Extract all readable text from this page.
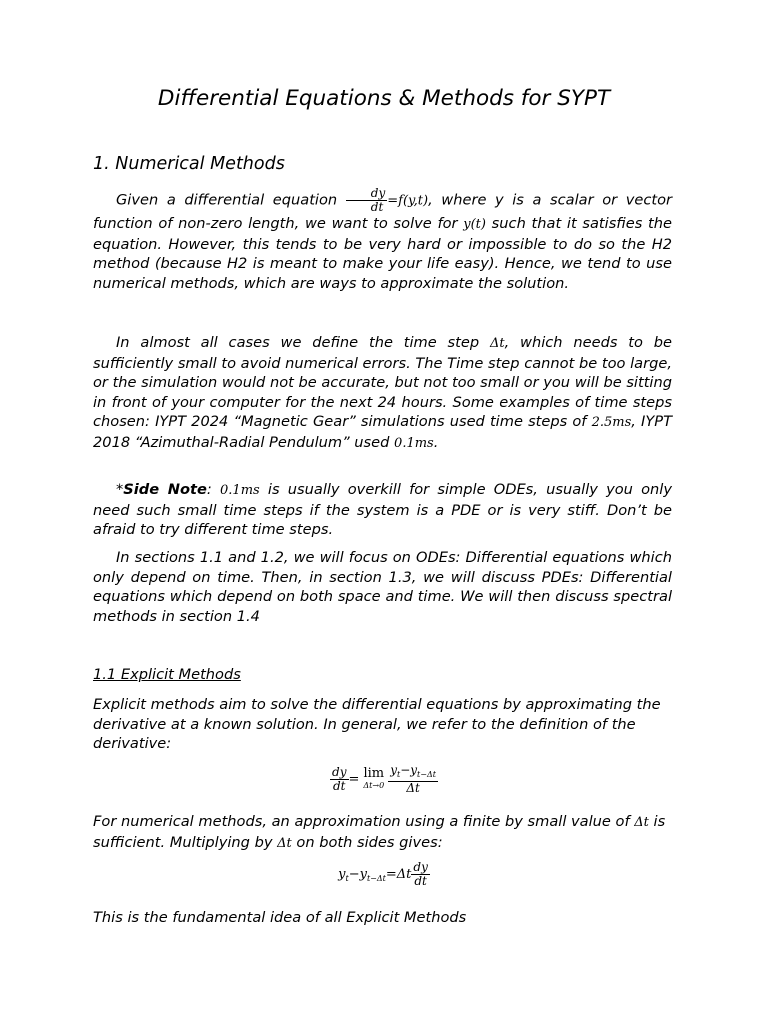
Differential Equations & Methods for SYPT
1. Numerical Methods

Given a differential equation $\frac{dy}{dt} =f(y,t)$, where y is a scalar or vector function of non-zero length, we want to solve for y(t) such that it satisfies the equation. However, this tends to be very hard or impossible to do so the H2 method (because H2 is meant to make your life easy). Hence, we tend to use numerical methods, which are ways to approximate the solution.

In almost all cases we define the time step Δt, which needs to be sufficiently small to avoid numerical errors. The Time step cannot be too large, or the simulation would not be accurate, but not too small or you will be sitting in front of your computer for the next 24 hours. Some examples of time steps chosen: IYPT 2024 “Magnetic Gear” simulations used time steps of 2.5ms, IYPT 2018 “Azimuthal-Radial Pendulum” used 0.1ms.

*Side Note: 0.1ms is usually overkill for simple ODEs, usually you only need such small time steps if the system is a PDE or is very stiff. Don’t be afraid to try different time steps.

In sections 1.1 and 1.2, we will focus on ODEs: Differential equations which only depend on time. Then, in section 1.3, we will discuss PDEs: Differential equations which depend on both space and time. We will then discuss spectral methods in section 1.4

1.1 Explicit Methods

Explicit methods aim to solve the differential equations by approximating the derivative at a known solution. In general, we refer to the definition of the derivative:

$\frac{dy}{dt} = \lim$
$\Delta t\to 0 \frac{y_t-y_{t-\Delta t}}{\Delta t}$

For numerical methods, an approximation using a finite by small value of Δt is sufficient. Multiplying by Δt on both sides gives:

$y_t-y_{t-\Delta t}=\Delta t \frac{dy}{dt}$

This is the fundamental idea of all Explicit Methods
